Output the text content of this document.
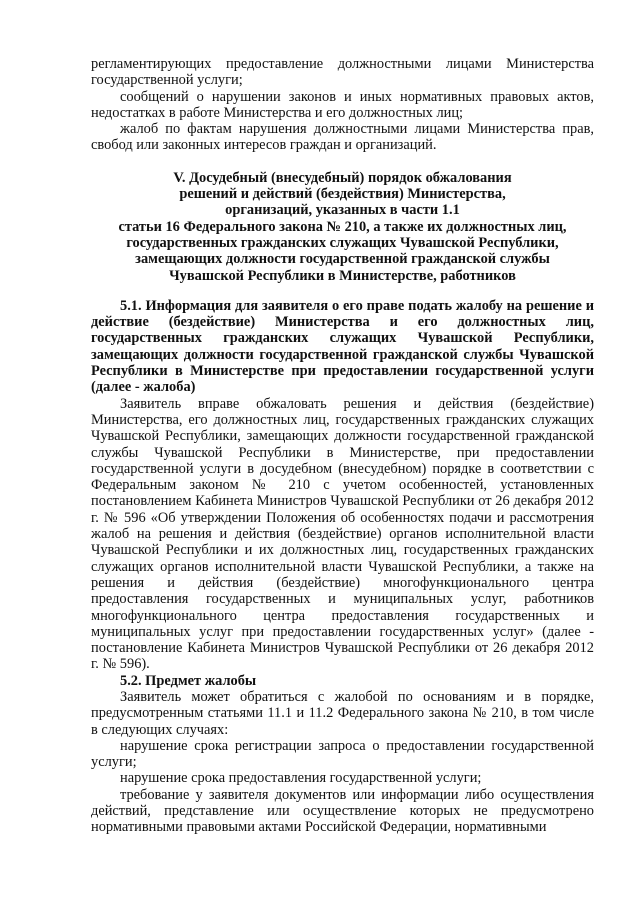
регламентирующих предоставление должностными лицами Министерства государственной услуги;

сообщений о нарушении законов и иных нормативных правовых актов, недостатках в работе Министерства и его должностных лиц;

жалоб по фактам нарушения должностными лицами Министерства прав, свобод или законных интересов граждан и организаций.

V. Досудебный (внесудебный) порядок обжалования

решений и действий (бездействия) Министерства,

организаций, указанных в части 1.1

статьи 16 Федерального закона № 210, а также их должностных лиц,

государственных гражданских служащих Чувашской Республики,

замещающих должности государственной гражданской службы

Чувашской Республики в Министерстве, работников

5.1. Информация для заявителя о его праве подать жалобу на решение и действие (бездействие) Министерства и его должностных лиц, государственных гражданских служащих Чувашской Республики, замещающих должности государственной гражданской службы Чувашской Республики в Министерстве при предоставлении государственной услуги (далее - жалоба)

Заявитель вправе обжаловать решения и действия (бездействие) Министерства, его должностных лиц, государственных гражданских служащих Чувашской Республики, замещающих должности государственной гражданской службы Чувашской Республики в Министерстве, при предоставлении государственной услуги в досудебном (внесудебном) порядке в соответствии с Федеральным законом № 210 с учетом особенностей, установленных постановлением Кабинета Министров Чувашской Республики от 26 декабря 2012 г. № 596 «Об утверждении Положения об особенностях подачи и рассмотрения жалоб на решения и действия (бездействие) органов исполнительной власти Чувашской Республики и их должностных лиц, государственных гражданских служащих органов исполнительной власти Чувашской Республики, а также на решения и действия (бездействие) многофункционального центра предоставления государственных и муниципальных услуг, работников многофункционального центра предоставления государственных и муниципальных услуг при предоставлении государственных услуг» (далее - постановление Кабинета Министров Чувашской Республики от 26 декабря 2012 г. № 596).

5.2. Предмет жалобы

Заявитель может обратиться с жалобой по основаниям и в порядке, предусмотренным статьями 11.1 и 11.2 Федерального закона № 210, в том числе в следующих случаях:

нарушение срока регистрации запроса о предоставлении государственной услуги;

нарушение срока предоставления государственной услуги;

требование у заявителя документов или информации либо осуществления действий, представление или осуществление которых не предусмотрено нормативными правовыми актами Российской Федерации, нормативными
